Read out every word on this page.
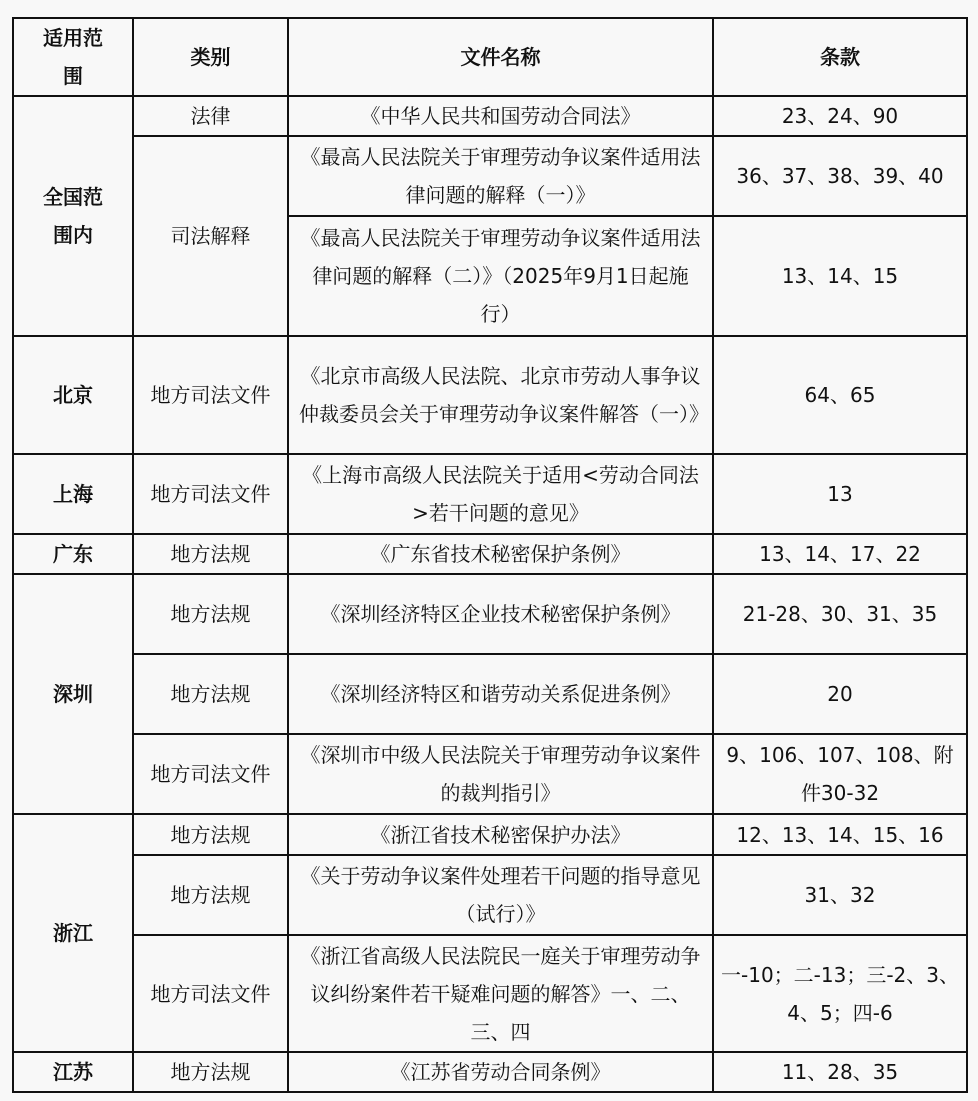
适用范围	类别	文件名称	条款
全国范围内	法律	《中华人民共和国劳动合同法》	23、24、90
	司法解释	《最高人民法院关于审理劳动争议案件适用法律问题的解释（一）》	36、37、38、39、40
		《最高人民法院关于审理劳动争议案件适用法律问题的解释（二）》（2025年9月1日起施行）	13、14、15
北京	地方司法文件	《北京市高级人民法院、北京市劳动人事争议仲裁委员会关于审理劳动争议案件解答（一）》	64、65
上海	地方司法文件	《上海市高级人民法院关于适用<劳动合同法>若干问题的意见》	13
广东	地方法规	《广东省技术秘密保护条例》	13、14、17、22
深圳	地方法规	《深圳经济特区企业技术秘密保护条例》	21-28、30、31、35
	地方法规	《深圳经济特区和谐劳动关系促进条例》	20
	地方司法文件	《深圳市中级人民法院关于审理劳动争议案件的裁判指引》	9、106、107、108、附件30-32
浙江	地方法规	《浙江省技术秘密保护办法》	12、13、14、15、16
	地方法规	《关于劳动争议案件处理若干问题的指导意见（试行）》	31、32
	地方司法文件	《浙江省高级人民法院民一庭关于审理劳动争议纠纷案件若干疑难问题的解答》一、二、三、四	一-10；二-13；三-2、3、4、5；四-6
江苏	地方法规	《江苏省劳动合同条例》	11、28、35
